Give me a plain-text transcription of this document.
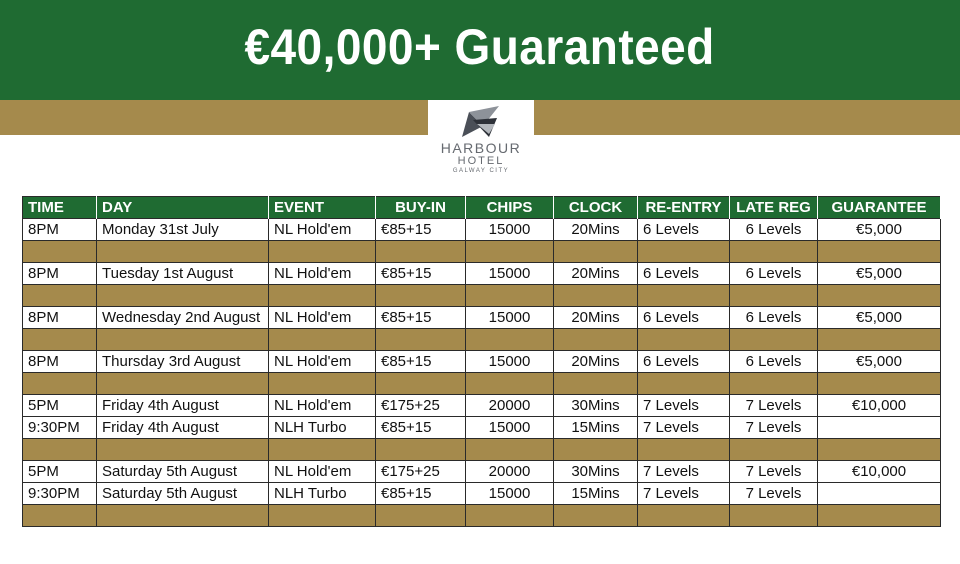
€40,000+ Guaranteed
HARBOUR
HOTEL
GALWAY CITY
TIME	DAY	EVENT	BUY-IN	CHIPS	CLOCK	RE-ENTRY	LATE REG	GUARANTEE
8PM	Monday 31st July	NL Hold'em	€85+15	15000	20Mins	6 Levels	6 Levels	€5,000

8PM	Tuesday 1st August	NL Hold'em	€85+15	15000	20Mins	6 Levels	6 Levels	€5,000

8PM	Wednesday 2nd August	NL Hold'em	€85+15	15000	20Mins	6 Levels	6 Levels	€5,000

8PM	Thursday 3rd August	NL Hold'em	€85+15	15000	20Mins	6 Levels	6 Levels	€5,000

5PM	Friday 4th August	NL Hold'em	€175+25	20000	30Mins	7 Levels	7 Levels	€10,000
9:30PM	Friday 4th August	NLH Turbo	€85+15	15000	15Mins	7 Levels	7 Levels	

5PM	Saturday 5th August	NL Hold'em	€175+25	20000	30Mins	7 Levels	7 Levels	€10,000
9:30PM	Saturday 5th August	NLH Turbo	€85+15	15000	15Mins	7 Levels	7 Levels	
